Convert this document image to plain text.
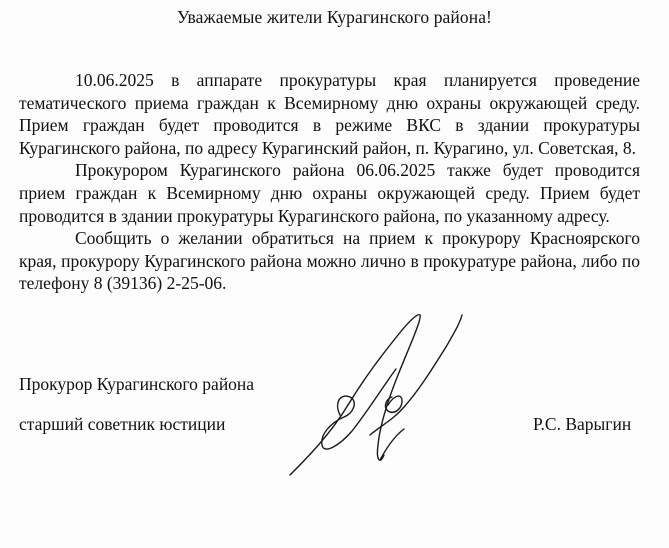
Уважаемые жители Курагинского района!

10.06.2025 в аппарате прокуратуры края планируется проведение тематического приема граждан к Всемирному дню охраны окружающей среду. Прием граждан будет проводится в режиме ВКС в здании прокуратуры Курагинского района, по адресу Курагинский район, п. Курагино, ул. Советская, 8.

Прокурором Курагинского района 06.06.2025 также будет проводится прием граждан к Всемирному дню охраны окружающей среду. Прием будет проводится в здании прокуратуры Курагинского района, по указанному адресу.

Сообщить о желании обратиться на прием к прокурору Красноярского края, прокурору Курагинского района можно лично в прокуратуре района, либо по телефону 8 (39136) 2-25-06.

Прокурор Курагинского района
старший советник юстиции	Р.С. Варыгин
